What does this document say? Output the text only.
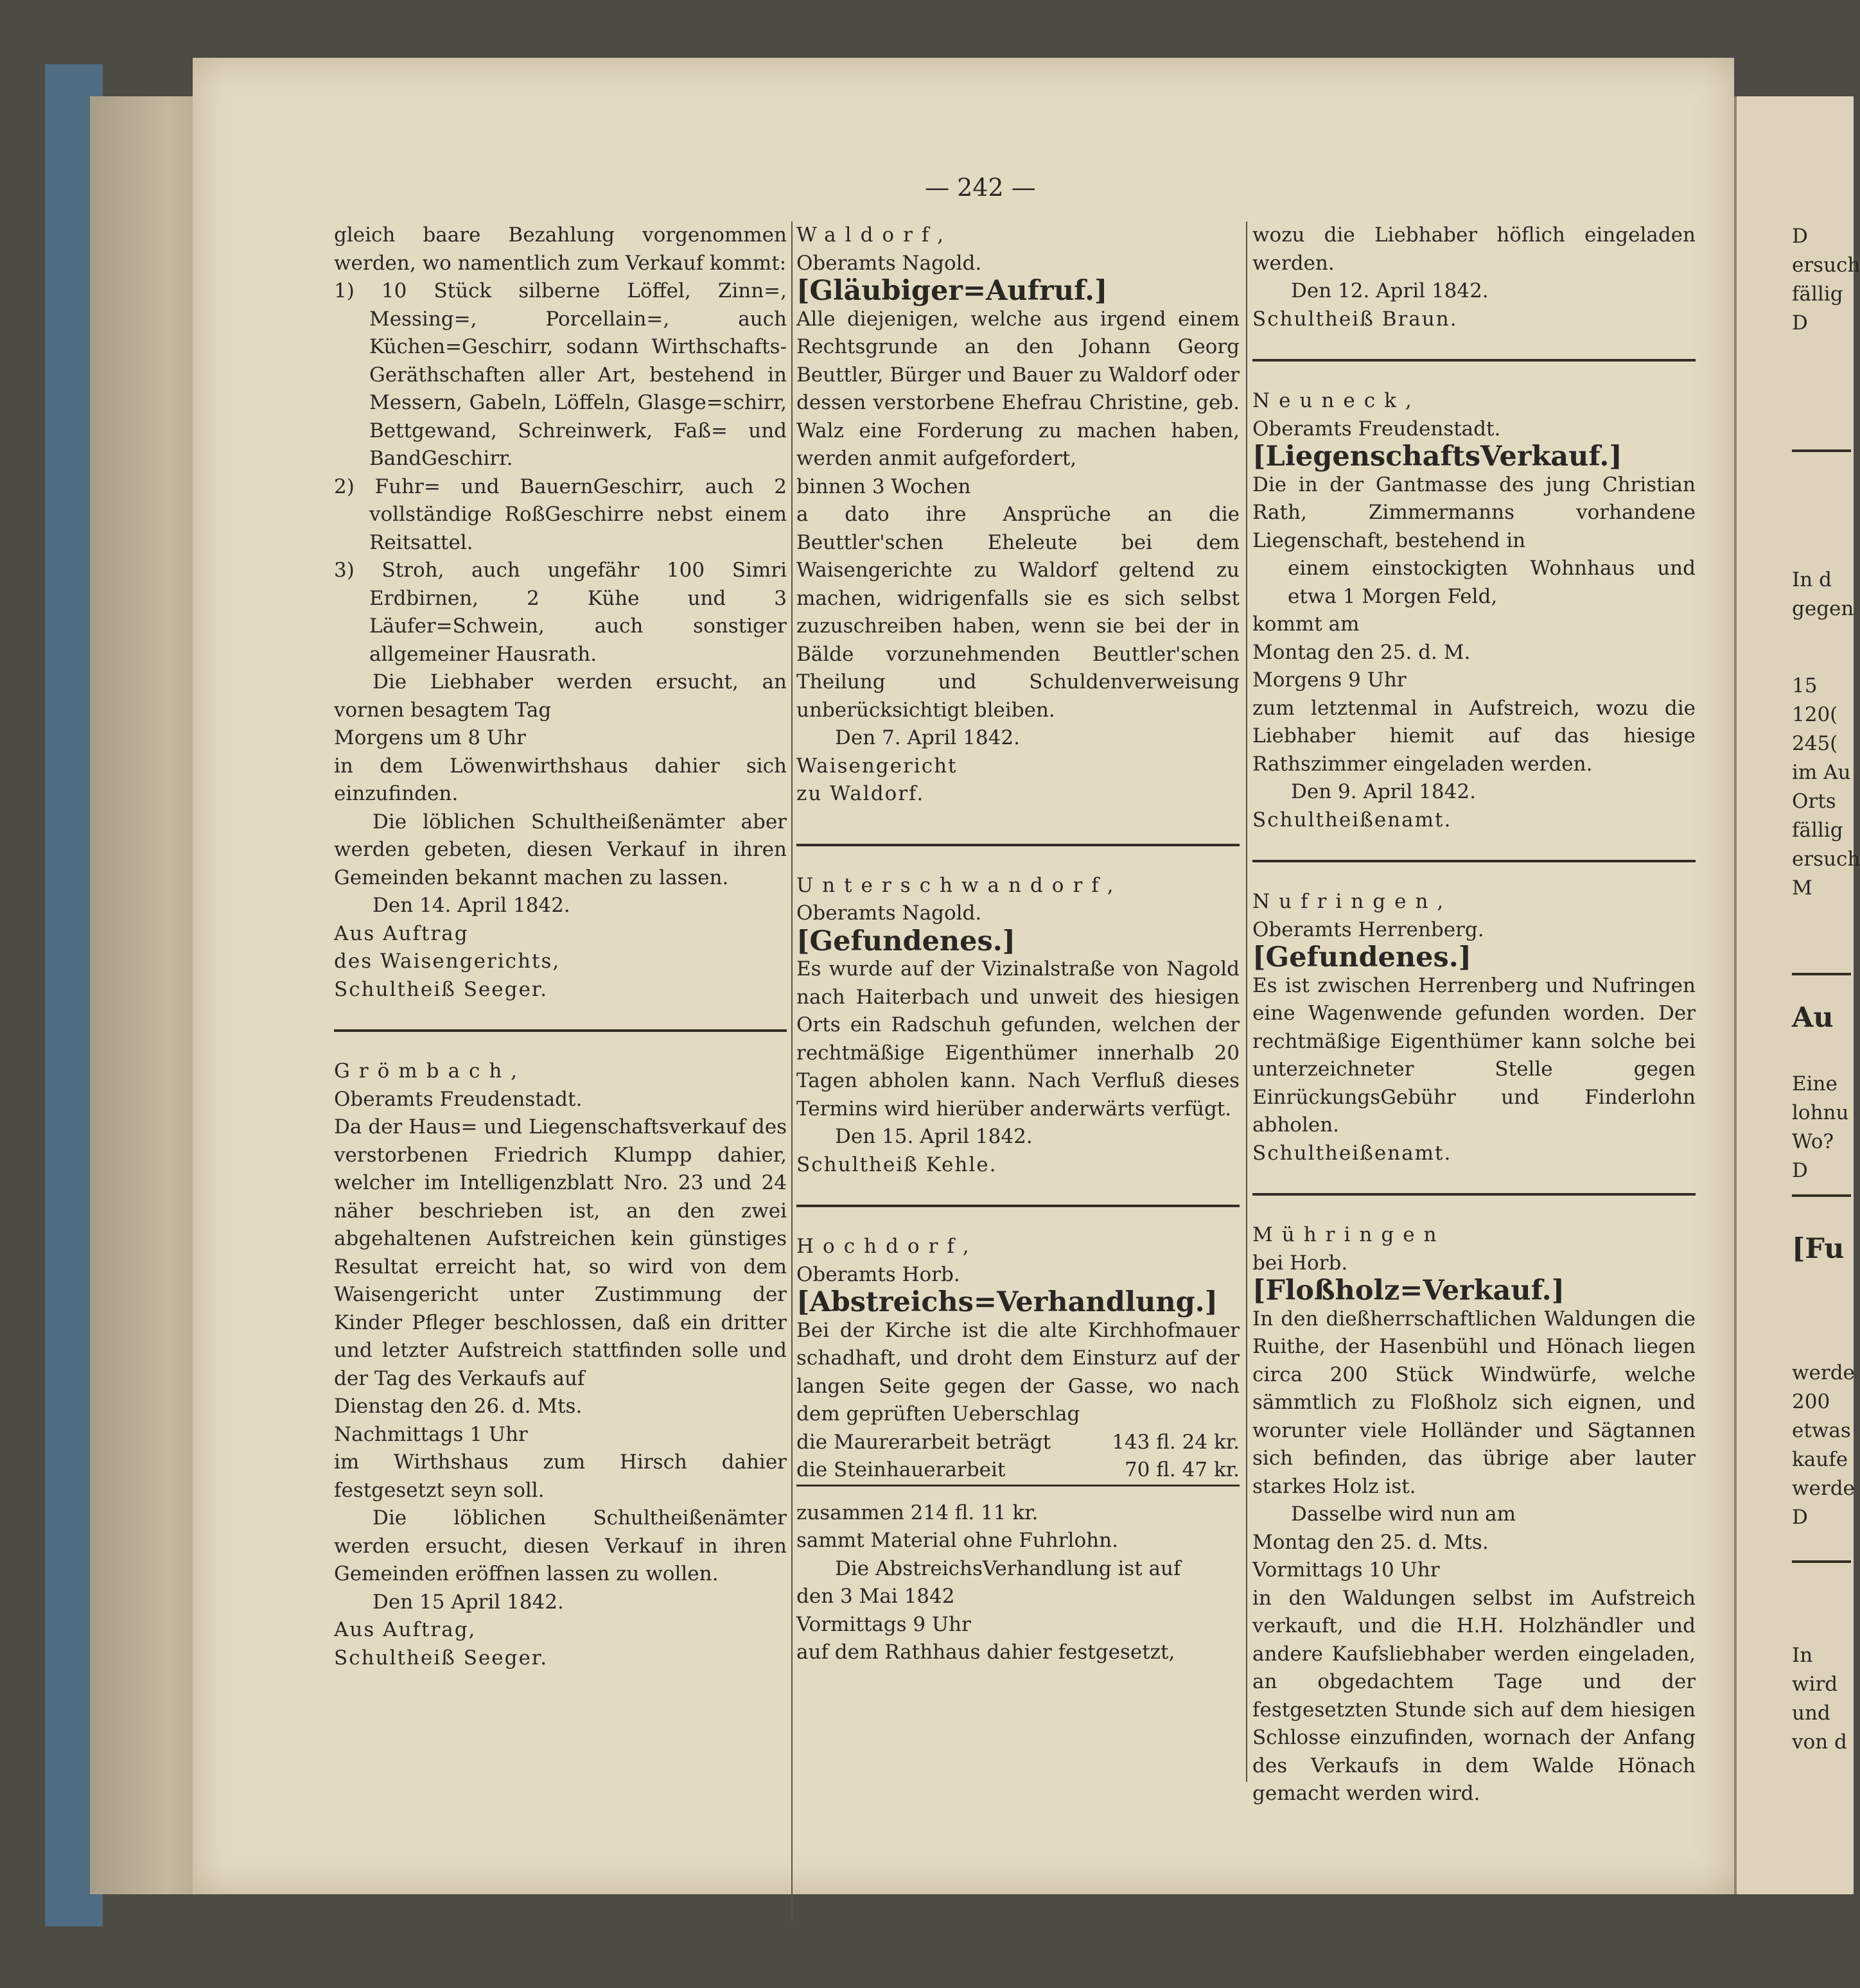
— 242 —

gleich baare Bezahlung vorgenommen werden, wo namentlich zum Verkauf kommt:

1) 10 Stück silberne Löffel, Zinn=, Messing=, Porcellain=, auch Küchen=Geschirr, sodann WirthschaftsGeräthschaften aller Art, bestehend in Messern, Gabeln, Löffeln, Glasge=schirr, Bettgewand, Schreinwerk, Faß= und BandGeschirr.

2) Fuhr= und BauernGeschirr, auch 2 vollständige RoßGeschirre nebst einem Reitsattel.

3) Stroh, auch ungefähr 100 Simri Erdbirnen, 2 Kühe und 3 Läufer=Schwein, auch sonstiger allgemeiner Hausrath.

Die Liebhaber werden ersucht, an vornen besagtem Tag

Morgens um 8 Uhr

in dem Löwenwirthshaus dahier sich einzufinden.

Die löblichen Schultheißenämter aber werden gebeten, diesen Verkauf in ihren Gemeinden bekannt machen zu lassen.

Den 14. April 1842.

Aus Auftrag

des Waisengerichts,

Schultheiß Seeger.

Grömbach,

Oberamts Freudenstadt.

Da der Haus= und Liegenschaftsverkauf des verstorbenen Friedrich Klumpp dahier, welcher im Intelligenzblatt Nro. 23 und 24 näher beschrieben ist, an den zwei abgehaltenen Aufstreichen kein günstiges Resultat erreicht hat, so wird von dem Waisengericht unter Zustimmung der Kinder Pfleger beschlossen, daß ein dritter und letzter Aufstreich stattfinden solle und der Tag des Verkaufs auf

Dienstag den 26. d. Mts.

Nachmittags 1 Uhr

im Wirthshaus zum Hirsch dahier festgesetzt seyn soll.

Die löblichen Schultheißenämter werden ersucht, diesen Verkauf in ihren Gemeinden eröffnen lassen zu wollen.

Den 15 April 1842.

Aus Auftrag,

Schultheiß Seeger.

Waldorf,

Oberamts Nagold.

[Gläubiger=Aufruf.]

Alle diejenigen, welche aus irgend einem Rechtsgrunde an den Johann Georg Beuttler, Bürger und Bauer zu Waldorf oder dessen verstorbene Ehefrau Christine, geb. Walz eine Forderung zu machen haben, werden anmit aufgefordert,

binnen 3 Wochen

a dato ihre Ansprüche an die Beuttler'schen Eheleute bei dem Waisengerichte zu Waldorf geltend zu machen, widrigenfalls sie es sich selbst zuzuschreiben haben, wenn sie bei der in Bälde vorzunehmenden Beuttler'schen Theilung und Schuldenverweisung unberücksichtigt bleiben.

Den 7. April 1842.

Waisengericht

zu Waldorf.

Unterschwandorf,

Oberamts Nagold.

[Gefundenes.]

Es wurde auf der Vizinalstraße von Nagold nach Haiterbach und unweit des hiesigen Orts ein Radschuh gefunden, welchen der rechtmäßige Eigenthümer innerhalb 20 Tagen abholen kann. Nach Verfluß dieses Termins wird hierüber anderwärts verfügt.

Den 15. April 1842.

Schultheiß Kehle.

Hochdorf,

Oberamts Horb.

[Abstreichs=Verhandlung.]

Bei der Kirche ist die alte Kirchhofmauer schadhaft, und droht dem Einsturz auf der langen Seite gegen der Gasse, wo nach dem geprüften Ueberschlag

die Maurerarbeit beträgt	143 fl. 24 kr.
die Steinhauerarbeit	70 fl. 47 kr.

zusammen 214 fl. 11 kr.

sammt Material ohne Fuhrlohn.

Die AbstreichsVerhandlung ist auf

den 3 Mai 1842

Vormittags 9 Uhr

auf dem Rathhaus dahier festgesetzt,

wozu die Liebhaber höflich eingeladen werden.

Den 12. April 1842.

Schultheiß Braun.

Neuneck,

Oberamts Freudenstadt.

[LiegenschaftsVerkauf.]

Die in der Gantmasse des jung Christian Rath, Zimmermanns vorhandene Liegenschaft, bestehend in

einem einstockigten Wohnhaus und etwa 1 Morgen Feld,

kommt am

Montag den 25. d. M.

Morgens 9 Uhr

zum letztenmal in Aufstreich, wozu die Liebhaber hiemit auf das hiesige Rathszimmer eingeladen werden.

Den 9. April 1842.

Schultheißenamt.

Nufringen,

Oberamts Herrenberg.

[Gefundenes.]

Es ist zwischen Herrenberg und Nufringen eine Wagenwende gefunden worden. Der rechtmäßige Eigenthümer kann solche bei unterzeichneter Stelle gegen EinrückungsGebühr und Finderlohn abholen.

Schultheißenamt.

Mühringen

bei Horb.

[Floßholz=Verkauf.]

In den dießherrschaftlichen Waldungen die Ruithe, der Hasenbühl und Hönach liegen circa 200 Stück Windwürfe, welche sämmtlich zu Floßholz sich eignen, und worunter viele Holländer und Sägtannen sich befinden, das übrige aber lauter starkes Holz ist.

Dasselbe wird nun am

Montag den 25. d. Mts.

Vormittags 10 Uhr

in den Waldungen selbst im Aufstreich verkauft, und die H.H. Holzhändler und andere Kaufsliebhaber werden eingeladen, an obgedachtem Tage und der festgesetzten Stunde sich auf dem hiesigen Schlosse einzufinden, wornach der Anfang des Verkaufs in dem Walde Hönach gemacht werden wird.

D
ersuch
fällig
D
In d
gegen
15
120(
245(
im Au
Orts
fällig
ersuch
M
Au
Eine
lohnu
Wo?
D
[Fu
werde
200
etwas
kaufe
werde
D
In
wird
und
von d
